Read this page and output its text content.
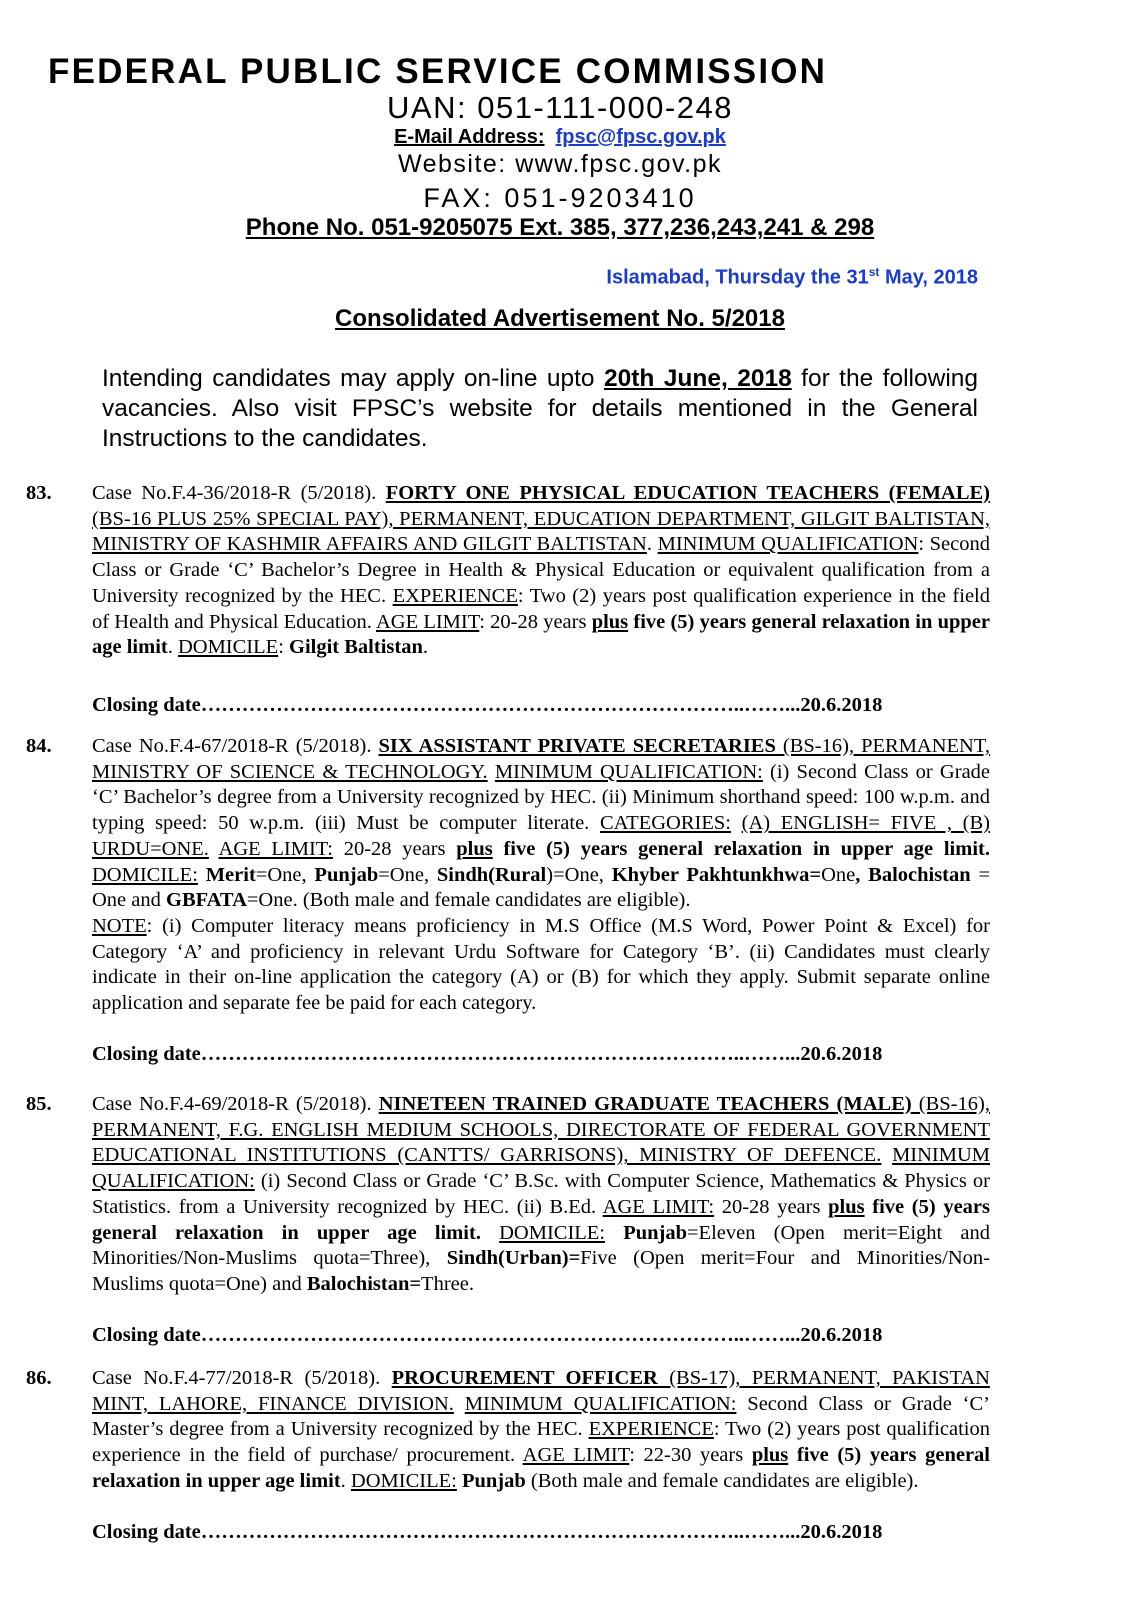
FEDERAL PUBLIC SERVICE COMMISSION
UAN: 051-111-000-248
E-Mail Address: fpsc@fpsc.gov.pk
Website: www.fpsc.gov.pk
FAX: 051-9203410
Phone No. 051-9205075 Ext. 385, 377,236,243,241 & 298
Islamabad, Thursday the 31st May, 2018
Consolidated Advertisement No. 5/2018
Intending candidates may apply on-line upto 20th June, 2018 for the following vacancies. Also visit FPSC’s website for details mentioned in the General Instructions to the candidates.
83. Case No.F.4-36/2018-R (5/2018). FORTY ONE PHYSICAL EDUCATION TEACHERS (FEMALE) (BS-16 PLUS 25% SPECIAL PAY), PERMANENT, EDUCATION DEPARTMENT, GILGIT BALTISTAN, MINISTRY OF KASHMIR AFFAIRS AND GILGIT BALTISTAN. MINIMUM QUALIFICATION: Second Class or Grade ‘C’ Bachelor’s Degree in Health & Physical Education or equivalent qualification from a University recognized by the HEC. EXPERIENCE: Two (2) years post qualification experience in the field of Health and Physical Education. AGE LIMIT: 20-28 years plus five (5) years general relaxation in upper age limit. DOMICILE: Gilgit Baltistan.
Closing date……………………………………………………………………..……...20.6.2018
84. Case No.F.4-67/2018-R (5/2018). SIX ASSISTANT PRIVATE SECRETARIES (BS-16), PERMANENT, MINISTRY OF SCIENCE & TECHNOLOGY. MINIMUM QUALIFICATION: (i) Second Class or Grade ‘C’ Bachelor’s degree from a University recognized by HEC. (ii) Minimum shorthand speed: 100 w.p.m. and typing speed: 50 w.p.m. (iii) Must be computer literate. CATEGORIES: (A) ENGLISH= FIVE , (B) URDU=ONE. AGE LIMIT: 20-28 years plus five (5) years general relaxation in upper age limit. DOMICILE: Merit=One, Punjab=One, Sindh(Rural)=One, Khyber Pakhtunkhwa=One, Balochistan = One and GBFATA=One. (Both male and female candidates are eligible).
NOTE: (i) Computer literacy means proficiency in M.S Office (M.S Word, Power Point & Excel) for Category ‘A’ and proficiency in relevant Urdu Software for Category ‘B’. (ii) Candidates must clearly indicate in their on-line application the category (A) or (B) for which they apply. Submit separate online application and separate fee be paid for each category.
Closing date……………………………………………………………………..……...20.6.2018
85. Case No.F.4-69/2018-R (5/2018). NINETEEN TRAINED GRADUATE TEACHERS (MALE) (BS-16), PERMANENT, F.G. ENGLISH MEDIUM SCHOOLS, DIRECTORATE OF FEDERAL GOVERNMENT EDUCATIONAL INSTITUTIONS (CANTTS/ GARRISONS), MINISTRY OF DEFENCE. MINIMUM QUALIFICATION: (i) Second Class or Grade ‘C’ B.Sc. with Computer Science, Mathematics & Physics or Statistics. from a University recognized by HEC. (ii) B.Ed. AGE LIMIT: 20-28 years plus five (5) years general relaxation in upper age limit. DOMICILE: Punjab=Eleven (Open merit=Eight and Minorities/Non-Muslims quota=Three), Sindh(Urban)=Five (Open merit=Four and Minorities/Non-Muslims quota=One) and Balochistan=Three.
Closing date……………………………………………………………………..……...20.6.2018
86. Case No.F.4-77/2018-R (5/2018). PROCUREMENT OFFICER (BS-17), PERMANENT, PAKISTAN MINT, LAHORE, FINANCE DIVISION. MINIMUM QUALIFICATION: Second Class or Grade ‘C’ Master’s degree from a University recognized by the HEC. EXPERIENCE: Two (2) years post qualification experience in the field of purchase/ procurement. AGE LIMIT: 22-30 years plus five (5) years general relaxation in upper age limit. DOMICILE: Punjab (Both male and female candidates are eligible).
Closing date……………………………………………………………………..……...20.6.2018
